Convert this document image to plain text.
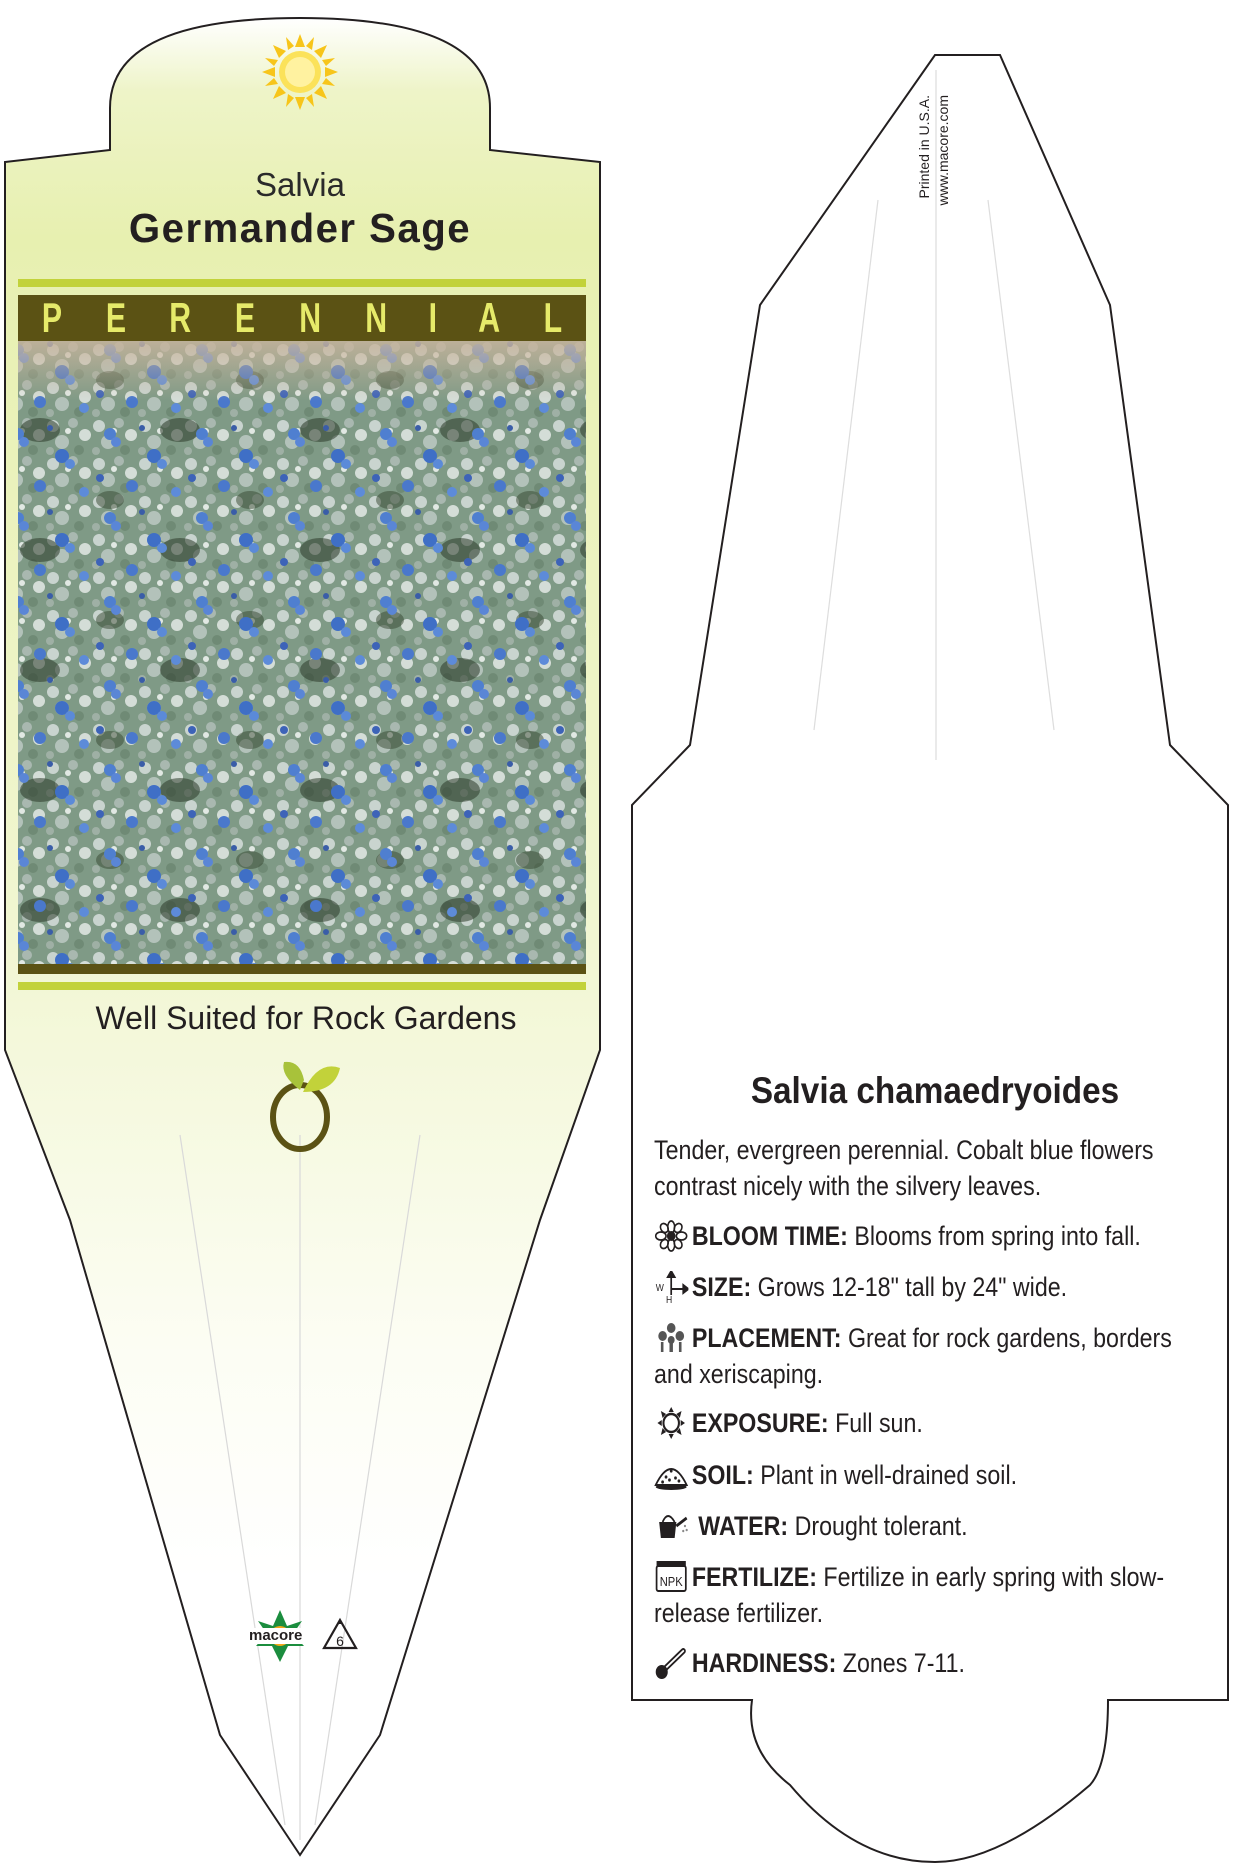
6
Salvia
Germander Sage
P E R E N N I A L
Well Suited for Rock Gardens
macore
Printed in U.S.A. www.macore.com
Salvia chamaedryoides
Tender, evergreen perennial. Cobalt blue flowers contrast nicely with the silvery leaves.
BLOOM TIME: Blooms from spring into fall.
W
H SIZE: Grows 12-18" tall by 24" wide.
PLACEMENT: Great for rock gardens, borders and xeriscaping.
EXPOSURE: Full sun.
SOIL: Plant in well-drained soil.
WATER: Drought tolerant.
NPK FERTILIZE: Fertilize in early spring with slow-release fertilizer.
HARDINESS: Zones 7-11.
